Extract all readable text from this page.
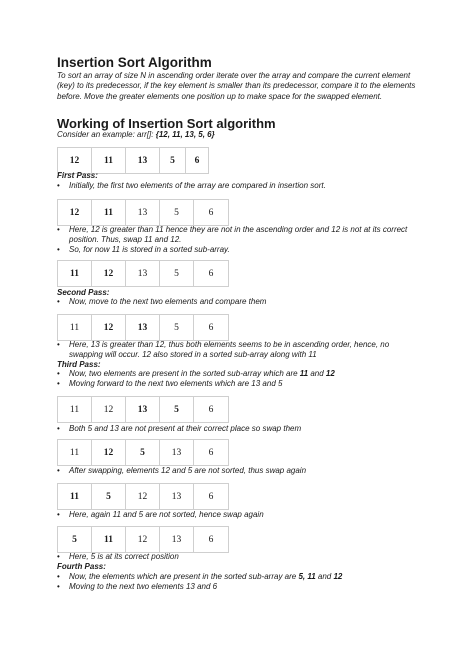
Insertion Sort Algorithm

To sort an array of size N in ascending order iterate over the array and compare the current element (key) to its predecessor, if the key element is smaller than its predecessor, compare it to the elements before. Move the greater elements one position up to make space for the swapped element.

Working of Insertion Sort algorithm

Consider an example: arr[]: {12, 11, 13, 5, 6}

12	11	13	5	6

First Pass:

•	Initially, the first two elements of the array are compared in insertion sort.

12	11	13	5	6

•	Here, 12 is greater than 11 hence they are not in the ascending order and 12 is not at its correct position. Thus, swap 11 and 12.

•	So, for now 11 is stored in a sorted sub-array.

11	12	13	5	6

Second Pass:

•	Now, move to the next two elements and compare them

11	12	13	5	6

•	Here, 13 is greater than 12, thus both elements seems to be in ascending order, hence, no swapping will occur. 12 also stored in a sorted sub-array along with 11

Third Pass:

•	Now, two elements are present in the sorted sub-array which are 11 and 12

•	Moving forward to the next two elements which are 13 and 5

11	12	13	5	6

•	Both 5 and 13 are not present at their correct place so swap them

11	12	5	13	6

•	After swapping, elements 12 and 5 are not sorted, thus swap again

11	5	12	13	6

•	Here, again 11 and 5 are not sorted, hence swap again

5	11	12	13	6

•	Here, 5 is at its correct position

Fourth Pass:

•	Now, the elements which are present in the sorted sub-array are 5, 11 and 12

•	Moving to the next two elements 13 and 6
